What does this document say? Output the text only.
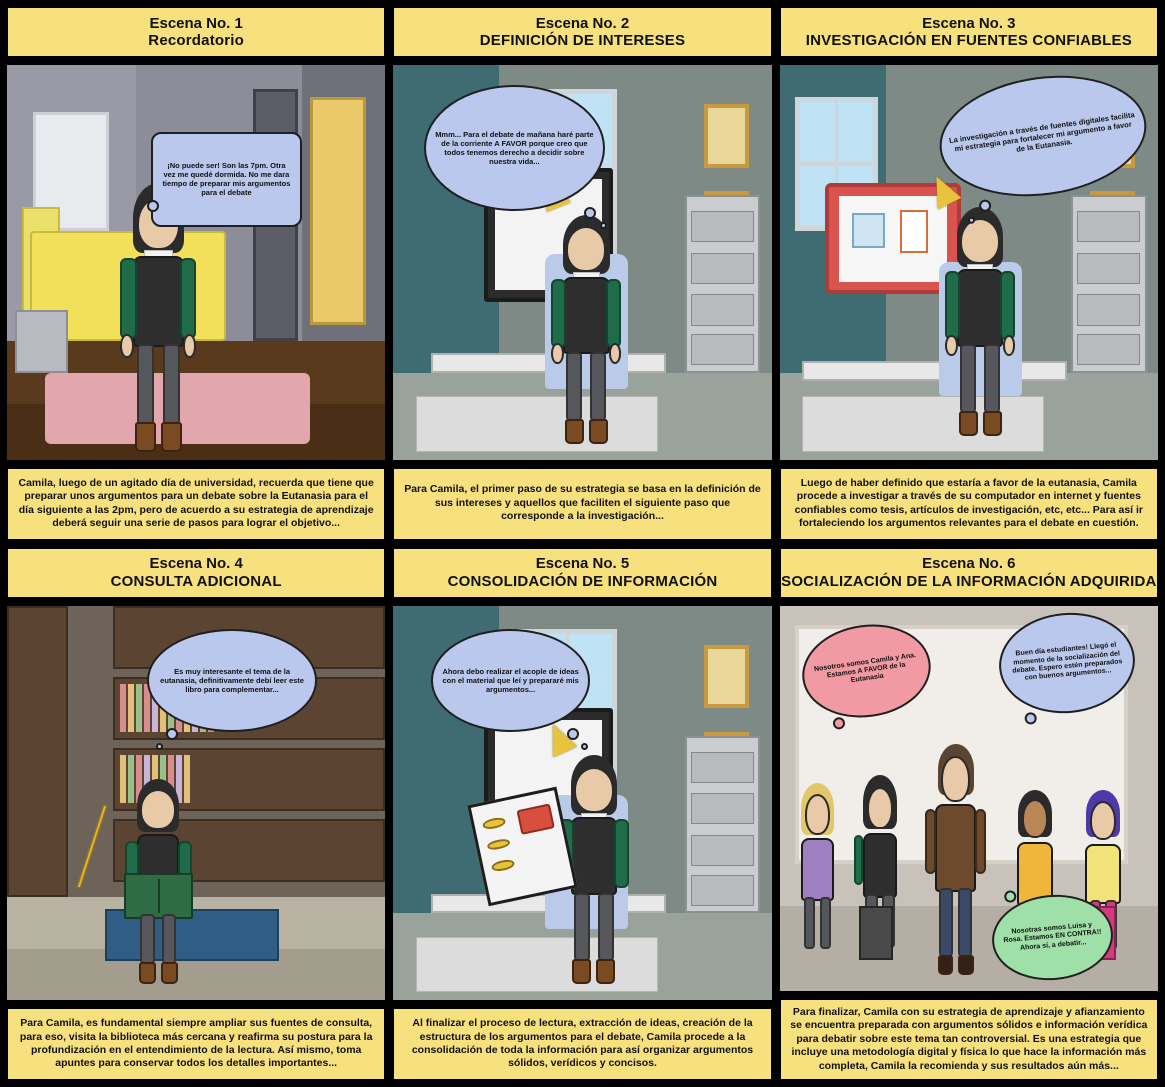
Escena No. 1
Recordatorio
¡No puede ser! Son las 7pm. Otra vez me quedé dormida. No me dara tiempo de preparar mis argumentos para el debate
Camila, luego de un agitado día de universidad, recuerda que tiene que preparar unos argumentos para un debate sobre la Eutanasia para el día siguiente a las 2pm, pero de acuerdo a su estrategia de aprendizaje deberá seguir una serie de pasos para lograr el objetivo...
Escena No. 2
DEFINICIÓN DE INTERESES
Mmm... Para el debate de mañana haré parte de la corriente A FAVOR porque creo que todos tenemos derecho a decidir sobre nuestra vida...
Para Camila, el primer paso de su estrategia se basa en la definición de sus intereses y aquellos que faciliten el siguiente paso que corresponde a la investigación...
Escena No. 3
INVESTIGACIÓN EN FUENTES CONFIABLES
La investigación a través de fuentes digitales facilita mi estrategia para fortalecer mi argumento a favor de la Eutanasia.
Luego de haber definido que estaría a favor de la eutanasia, Camila procede a investigar a través de su computador en internet y fuentes confiables como tesis, artículos de investigación, etc, etc... Para así ir fortaleciendo los argumentos relevantes para el debate en cuestión.
Escena No. 4
CONSULTA ADICIONAL
Es muy interesante el tema de la eutanasia, definitivamente debí leer este libro para complementar...
Para Camila, es fundamental siempre ampliar sus fuentes de consulta, para eso, visita la biblioteca más cercana y reafirma su postura para la profundización en el entendimiento de la lectura. Así mismo, toma apuntes para conservar todos los detalles importantes...
Escena No. 5
CONSOLIDACIÓN DE INFORMACIÓN
Ahora debo realizar el acople de ideas con el material que leí y prepararé mis argumentos...
Al finalizar el proceso de lectura, extracción de ideas, creación de la estructura de los argumentos para el debate, Camila procede a la consolidación de toda la información para así organizar argumentos sólidos, verídicos y concisos.
Escena No. 6
SOCIALIZACIÓN DE LA INFORMACIÓN ADQUIRIDA
Nosotros somos Camila y Ana. Estamos A FAVOR de la Eutanasia
Buen día estudiantes! Llegó el momento de la socialización del debate. Espero estén preparados con buenos argumentos...
Nosotras somos Luisa y Rosa. Estamos EN CONTRA!! Ahora sí, a debatir...
Para finalizar, Camila con su estrategia de aprendizaje y afianzamiento se encuentra preparada con argumentos sólidos e información verídica para debatir sobre este tema tan controversial. Es una estrategia que incluye una metodología digital y física lo que hace la información más completa, Camila la recomienda y sus resultados aún más...
